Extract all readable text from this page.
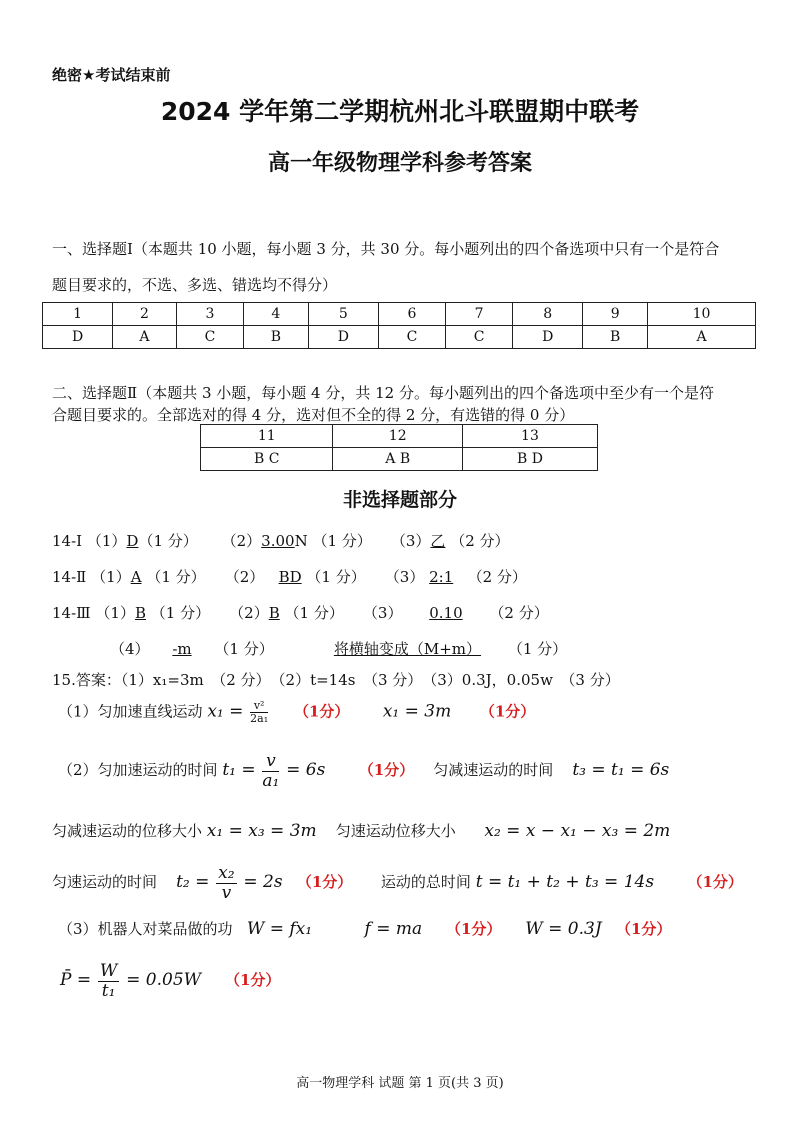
绝密★考试结束前
2024 学年第二学期杭州北斗联盟期中联考
高一年级物理学科参考答案
一、选择题Ⅰ（本题共 10 小题，每小题 3 分，共 30 分。每小题列出的四个备选项中只有一个是符合
题目要求的，不选、多选、错选均不得分）
1	2	3	4	5	6	7	8	9	10
D	A	C	B	D	C	C	D	B	A
二、选择题Ⅱ（本题共 3 小题，每小题 4 分，共 12 分。每小题列出的四个备选项中至少有一个是符
合题目要求的。全部选对的得 4 分，选对但不全的得 2 分，有选错的得 0 分）
11	12	13
B C	A B	B D
非选择题部分
14-Ⅰ （1）D（1 分） （2）3.00N （1 分） （3）乙 （2 分）
14-Ⅱ （1）A （1 分） （2） BD （1 分） （3） 2:1 （2 分）
14-Ⅲ （1）B （1 分） （2）B （1 分） （3） 0.10 （2 分）
（4） -m （1 分）	将横轴变成（M+m） （1 分）
15.答案：（1）x₁=3m　（2 分）　（2）t=14s　（3 分）　（3）0.3J，0.05w　（3 分）
（1）匀加速直线运动 $x_1 = \frac{\text{v²}}{\text{2a₁}} (1$分） x₁ = 3m （1分）
（2）匀加速运动的时间 $t_1 = \frac{v}{\text{a₁}} = 6s$ （1分） 匀减速运动的时间 t₃ = t₁ = 6s
匀减速运动的位移大小 x₁ = x₃ = 3m 匀速运动位移大小 x₂ = x − x₁ − x₃ = 2m
匀速运动的时间 $t_2 = \frac{\text{x₂}}{v} = 2s$ （1分） 运动的总时间 t = t₁ + t₂ + t₃ = 14s （1分）
（3）机器人对菜品做的功 W = fx₁	f = ma （1分） W = 0.3J （1分）
P̄ = $\frac{W}{\text{t₁}} = 0.05W$ （1分）
高一物理学科 试题 第 1 页(共 3 页)
